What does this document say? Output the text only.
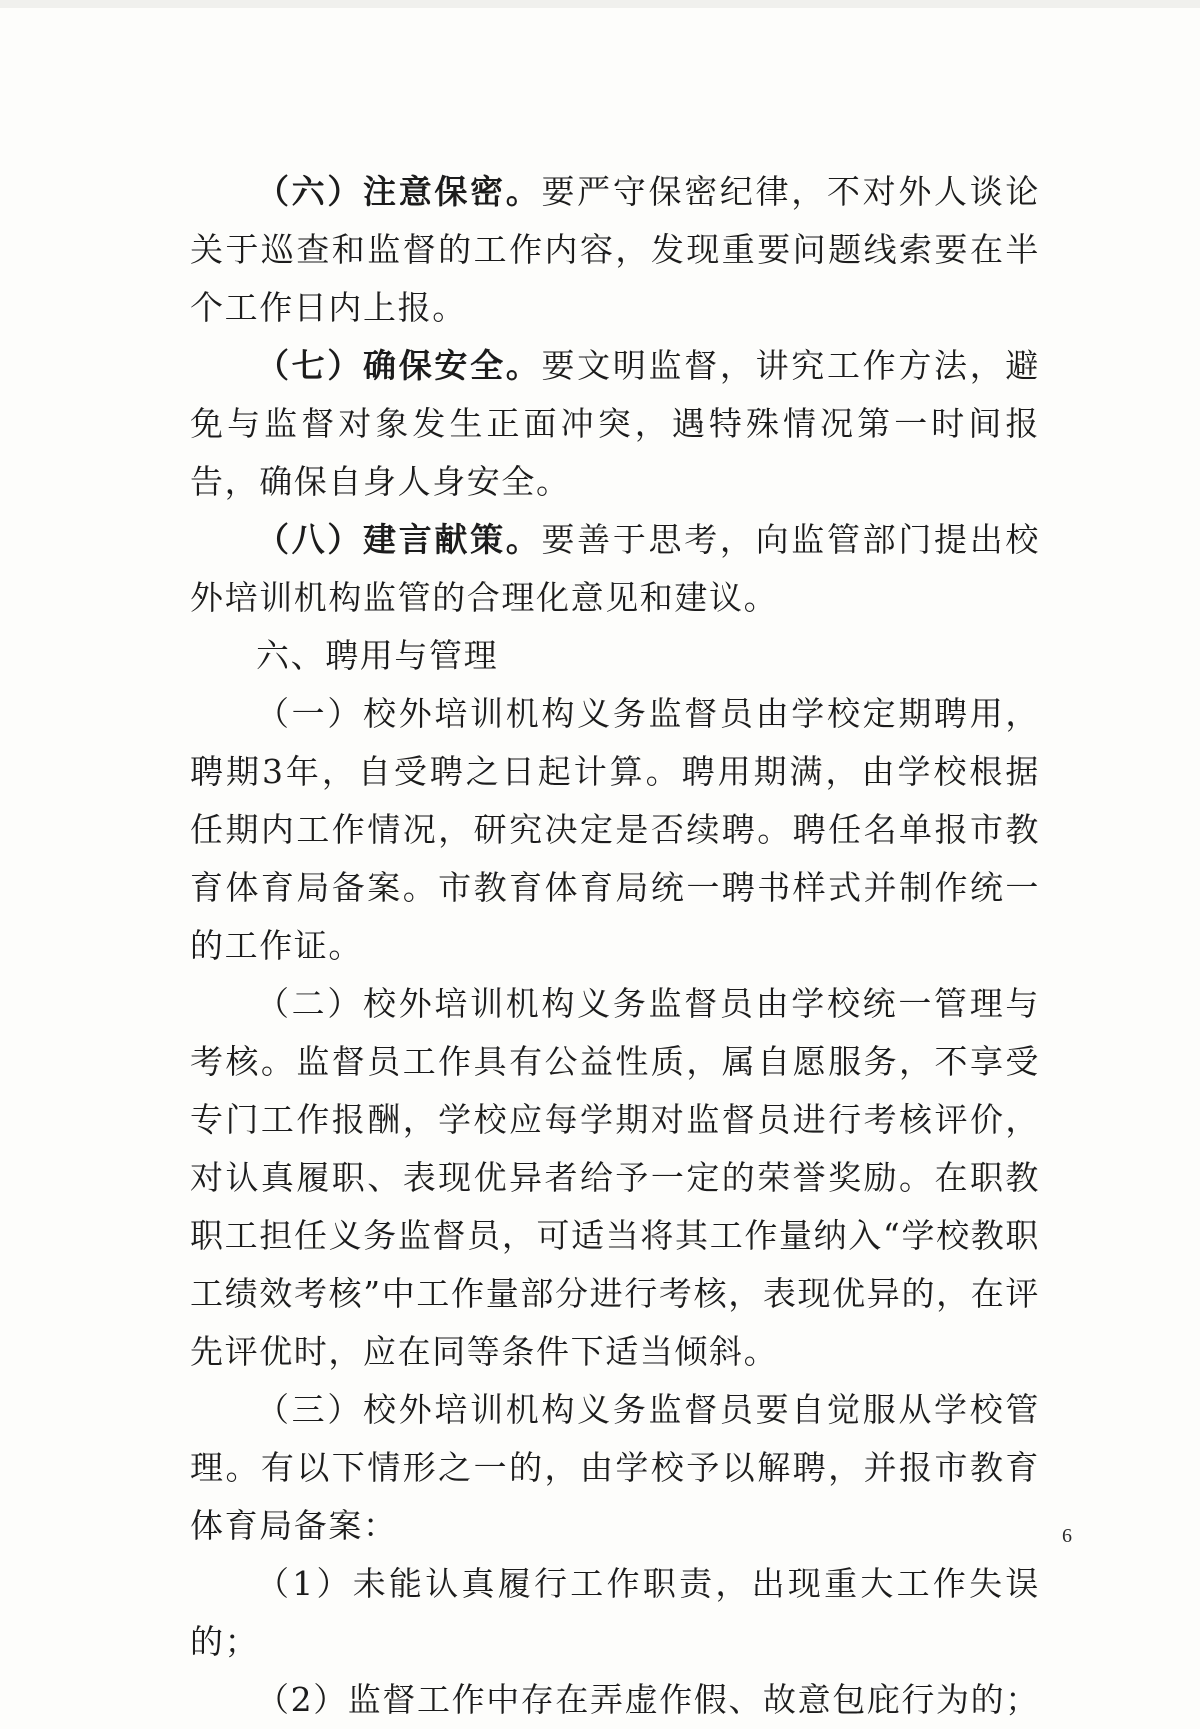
（六）注意保密。要严守保密纪律，不对外人谈论关于巡查和监督的工作内容，发现重要问题线索要在半个工作日内上报。

（七）确保安全。要文明监督，讲究工作方法，避免与监督对象发生正面冲突，遇特殊情况第一时间报告，确保自身人身安全。

（八）建言献策。要善于思考，向监管部门提出校外培训机构监管的合理化意见和建议。

六、聘用与管理

（一）校外培训机构义务监督员由学校定期聘用，聘期3年，自受聘之日起计算。聘用期满，由学校根据任期内工作情况，研究决定是否续聘。聘任名单报市教育体育局备案。市教育体育局统一聘书样式并制作统一的工作证。

（二）校外培训机构义务监督员由学校统一管理与考核。监督员工作具有公益性质，属自愿服务，不享受专门工作报酬，学校应每学期对监督员进行考核评价，对认真履职、表现优异者给予一定的荣誉奖励。在职教职工担任义务监督员，可适当将其工作量纳入“学校教职工绩效考核”中工作量部分进行考核，表现优异的，在评先评优时，应在同等条件下适当倾斜。

（三）校外培训机构义务监督员要自觉服从学校管理。有以下情形之一的，由学校予以解聘，并报市教育体育局备案：

（1）未能认真履行工作职责，出现重大工作失误的；

（2）监督工作中存在弄虚作假、故意包庇行为的；

6
